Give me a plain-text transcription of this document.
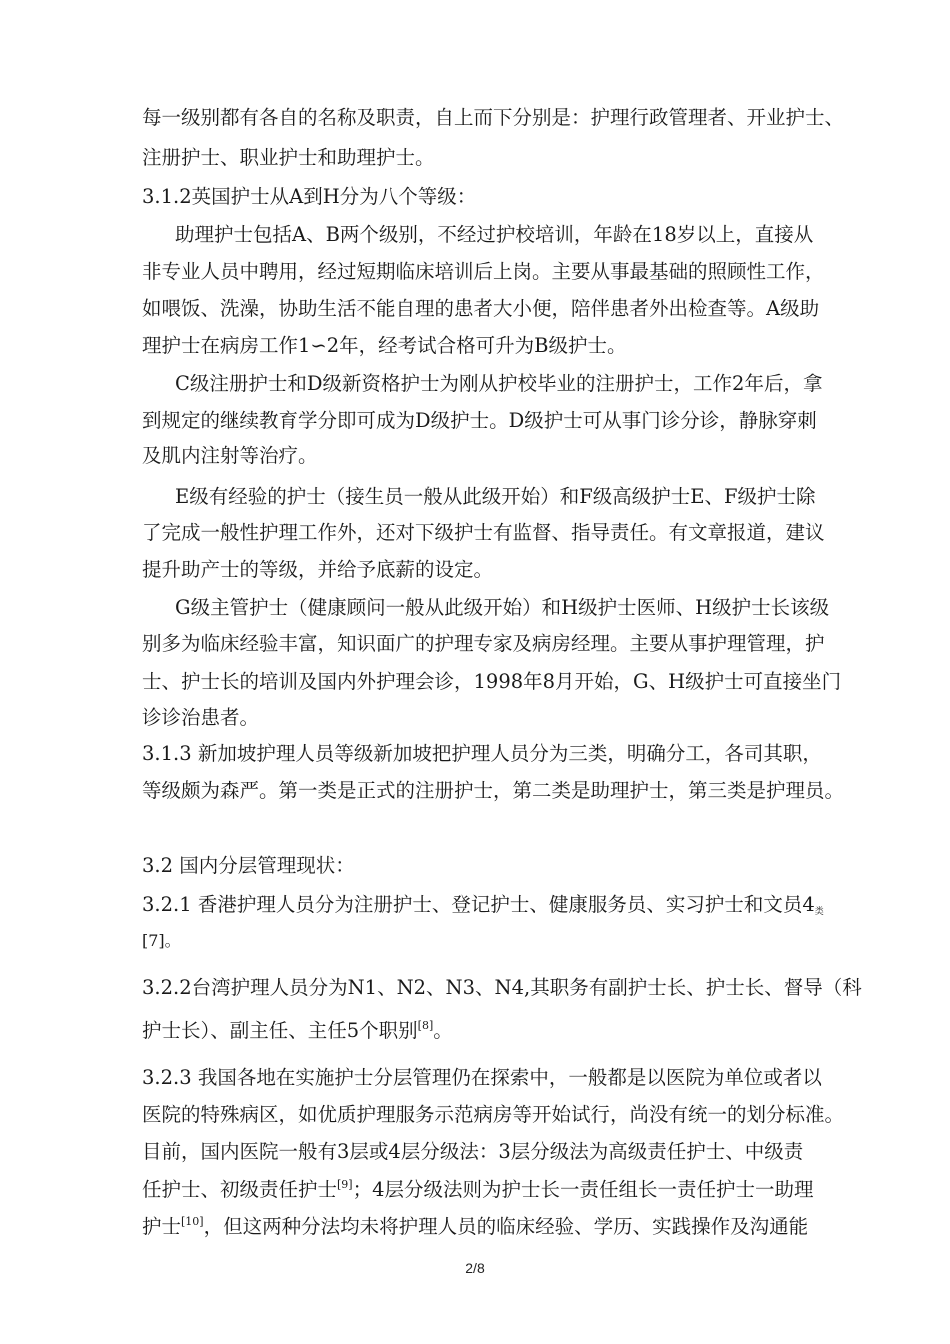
每一级别都有各自的名称及职责，自上而下分别是：护理行政管理者、开业护士、
注册护士、职业护士和助理护士。
3.1.2英国护士从A到H分为八个等级：
助理护士包括A、B两个级别，不经过护校培训，年龄在18岁以上，直接从
非专业人员中聘用，经过短期临床培训后上岗。主要从事最基础的照顾性工作，
如喂饭、洗澡，协助生活不能自理的患者大小便，陪伴患者外出检查等。A级助
理护士在病房工作1∽2年，经考试合格可升为B级护士。
C级注册护士和D级新资格护士为刚从护校毕业的注册护士，工作2年后，拿
到规定的继续教育学分即可成为D级护士。D级护士可从事门诊分诊，静脉穿刺
及肌内注射等治疗。
E级有经验的护士（接生员一般从此级开始）和F级高级护士E、F级护士除
了完成一般性护理工作外，还对下级护士有监督、指导责任。有文章报道，建议
提升助产士的等级，并给予底薪的设定。
G级主管护士（健康顾问一般从此级开始）和H级护士医师、H级护士长该级
别多为临床经验丰富，知识面广的护理专家及病房经理。主要从事护理管理，护
士、护士长的培训及国内外护理会诊，1998年8月开始，G、H级护士可直接坐门
诊诊治患者。
3.1.3 新加坡护理人员等级新加坡把护理人员分为三类，明确分工，各司其职，
等级颇为森严。第一类是正式的注册护士，第二类是助理护士，第三类是护理员。
3.2 国内分层管理现状：
3.2.1 香港护理人员分为注册护士、登记护士、健康服务员、实习护士和文员$4_类$
[7]。
3.2.2台湾护理人员分为N1、N2、N3、N4,其职务有副护士长、护士长、督导（科
护士长）、副主任、主任5个职别[8]。
3.2.3 我国各地在实施护士分层管理仍在探索中，一般都是以医院为单位或者以
医院的特殊病区，如优质护理服务示范病房等开始试行，尚没有统一的划分标准。
目前，国内医院一般有3层或4层分级法：3层分级法为高级责任护士、中级责
任护士、初级责任护士[9]；4层分级法则为护士长一责任组长一责任护士一助理
护士[10]，但这两种分法均未将护理人员的临床经验、学历、实践操作及沟通能
2/8
